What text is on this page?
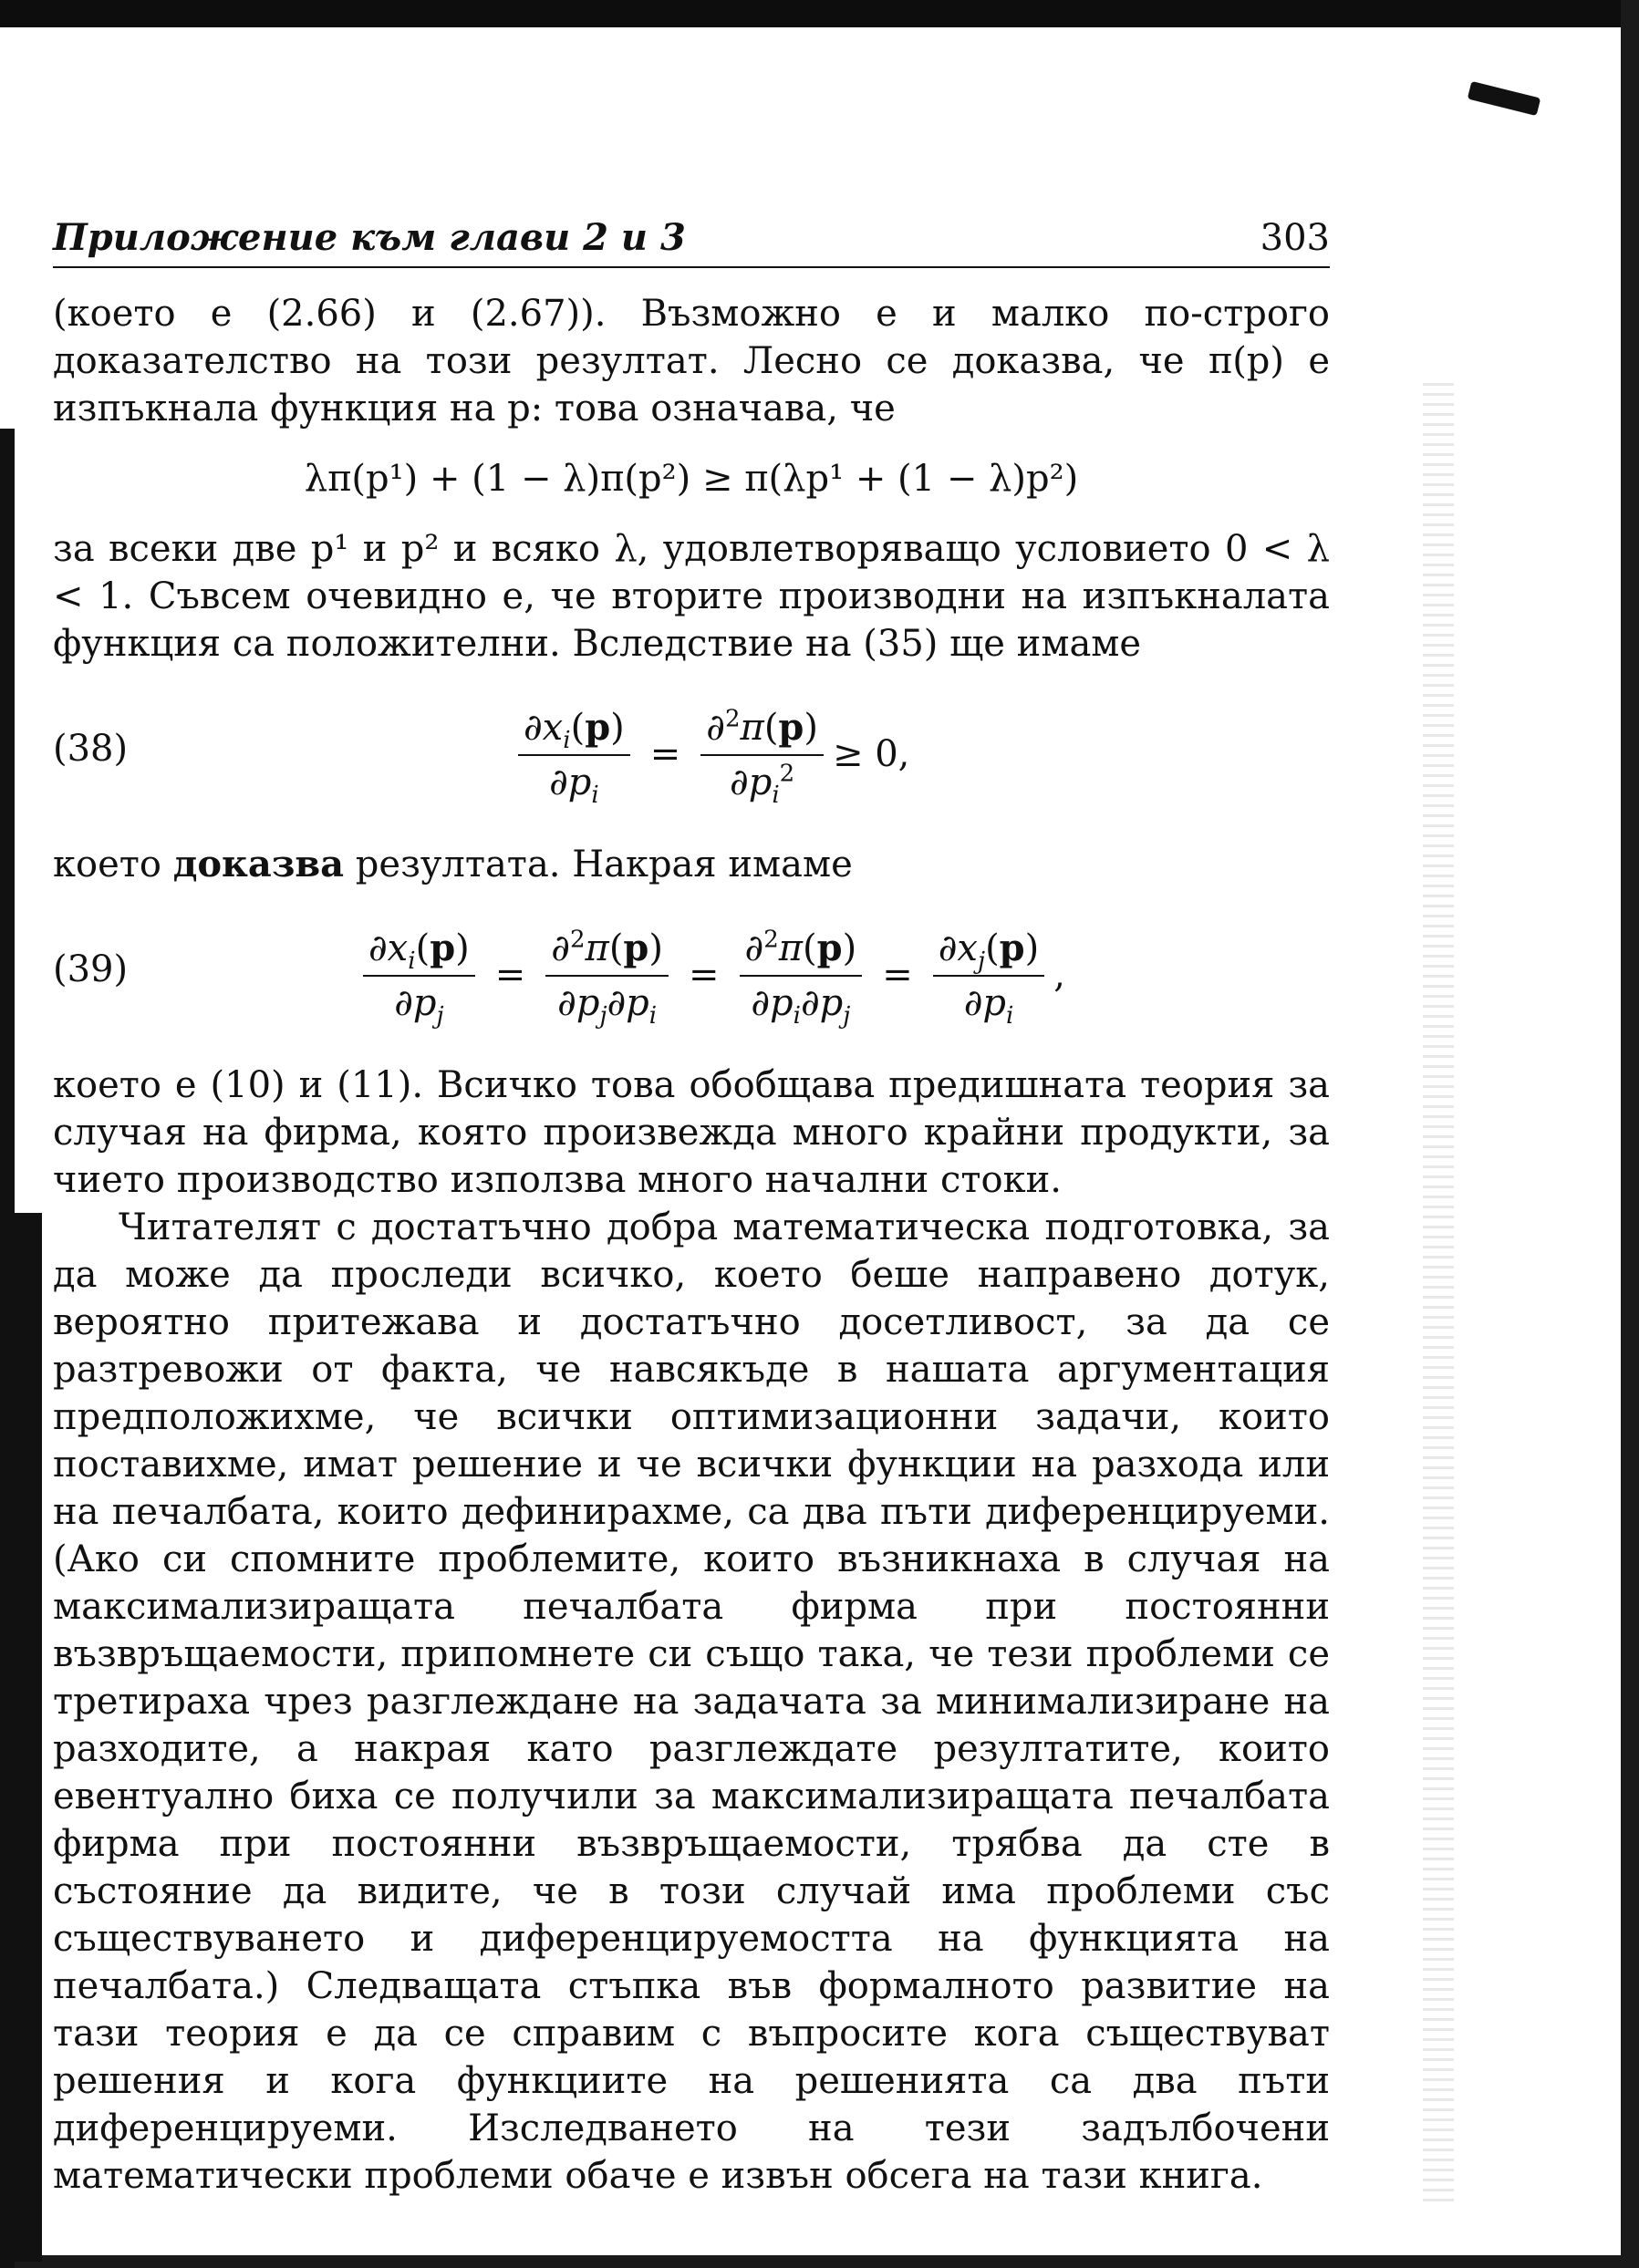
Приложение към глави 2 и 3	303

(което е (2.66) и (2.67)). Възможно е и малко по-строго доказателство на този резултат. Лесно се доказва, че π(p) е изпъкнала функция на p: това означава, че

λπ(p¹) + (1 − λ)π(p²) ≥ π(λp¹ + (1 − λ)p²)

за всеки две p¹ и p² и всяко λ, удовлетворяващо условието 0 < λ < 1. Съвсем очевидно е, че вторите производни на изпъкналата функция са положителни. Вследствие на (35) ще имаме

(38)	$\frac{\partial x_i(p)}{\partial p_i} = \frac{\partial^2\pi(p)}{\partial p_i^2} \ge 0$,

което доказва резултата. Накрая имаме

(39)	$\frac{\partial x_i(p)}{\partial p_j} = \frac{\partial^2\pi(p)}{\partial p_j\partial p_i} = \frac{\partial^2\pi(p)}{\partial p_i\partial p_j} = \frac{\partial x_j(p)}{\partial p_i}$ ,

което е (10) и (11). Всичко това обобщава предишната теория за случая на фирма, която произвежда много крайни продукти, за чието производство използва много начални стоки.

Читателят с достатъчно добра математическа подготовка, за да може да проследи всичко, което беше направено дотук, вероятно притежава и достатъчно досетливост, за да се разтревожи от факта, че навсякъде в нашата аргументация предположихме, че всички оптимизационни задачи, които поставихме, имат решение и че всички функции на разхода или на печалбата, които дефинирахме, са два пъти диференцируеми. (Ако си спомните проблемите, които възникнаха в случая на максимализиращата печалбата фирма при постоянни възвръщаемости, припомнете си също така, че тези проблеми се третираха чрез разглеждане на задачата за минимализиране на разходите, а накрая като разглеждате резултатите, които евентуално биха се получили за максимализиращата печалбата фирма при постоянни възвръщаемости, трябва да сте в състояние да видите, че в този случай има проблеми със съществуването и диференцируемостта на функцията на печалбата.) Следващата стъпка във формалното развитие на тази теория е да се справим с въпросите кога съществуват решения и кога функциите на решенията са два пъти диференцируеми. Изследването на тези задълбочени математически проблеми обаче е извън обсега на тази книга.
